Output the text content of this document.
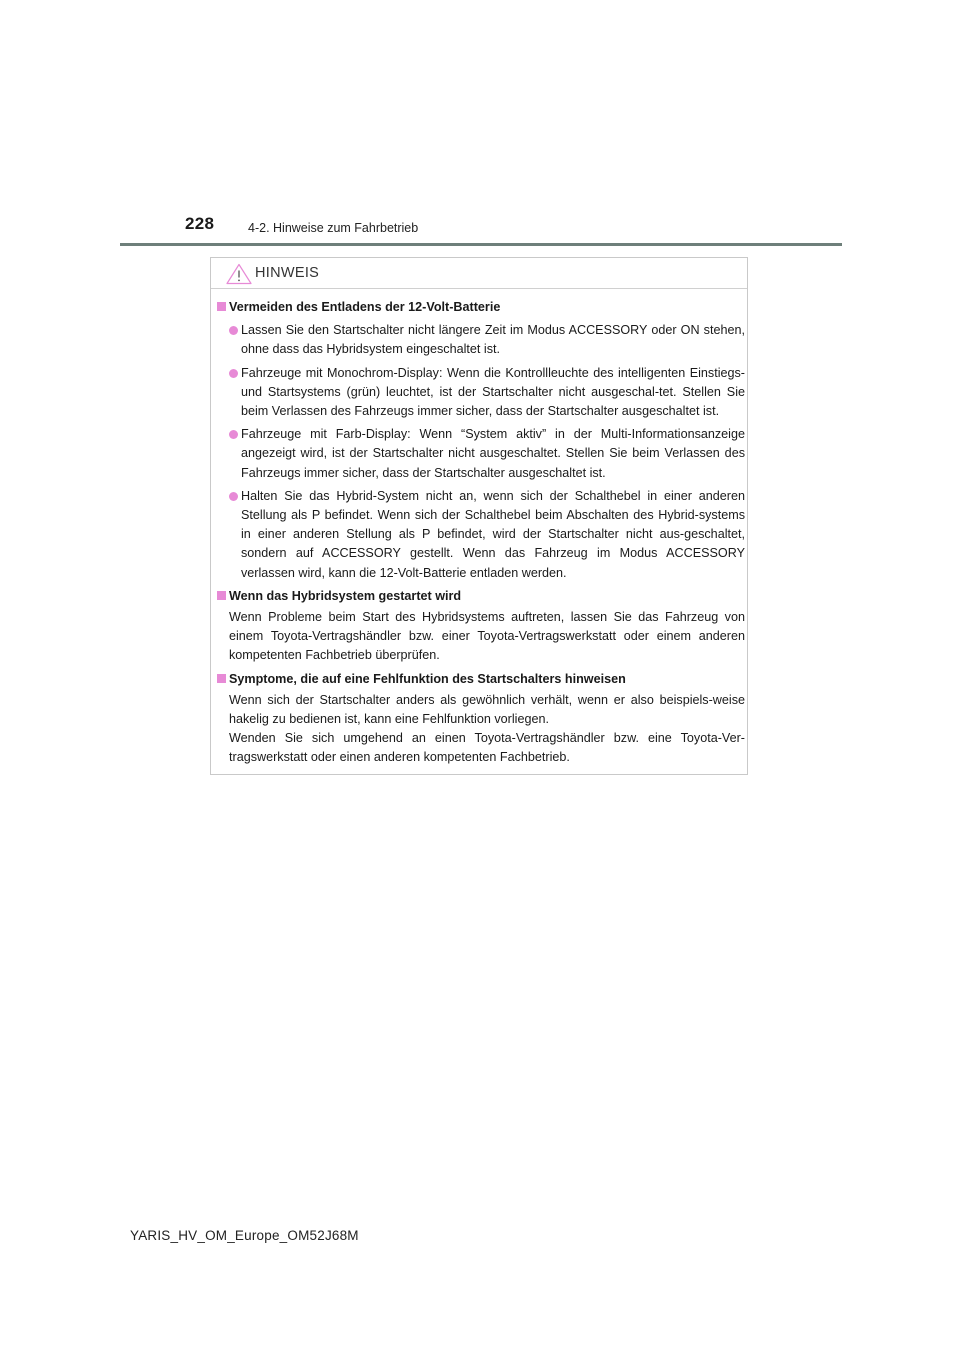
228	4-2. Hinweise zum Fahrbetrieb
HINWEIS
Vermeiden des Entladens der 12-Volt-Batterie
Lassen Sie den Startschalter nicht längere Zeit im Modus ACCESSORY oder ON stehen, ohne dass das Hybridsystem eingeschaltet ist.
Fahrzeuge mit Monochrom-Display: Wenn die Kontrollleuchte des intelligenten Einstiegs- und Startsystems (grün) leuchtet, ist der Startschalter nicht ausgeschal-tet. Stellen Sie beim Verlassen des Fahrzeugs immer sicher, dass der Startschalter ausgeschaltet ist.
Fahrzeuge mit Farb-Display: Wenn “System aktiv” in der Multi-Informationsanzeige angezeigt wird, ist der Startschalter nicht ausgeschaltet. Stellen Sie beim Verlassen des Fahrzeugs immer sicher, dass der Startschalter ausgeschaltet ist.
Halten Sie das Hybrid-System nicht an, wenn sich der Schalthebel in einer anderen Stellung als P befindet. Wenn sich der Schalthebel beim Abschalten des Hybrid-systems in einer anderen Stellung als P befindet, wird der Startschalter nicht aus-geschaltet, sondern auf ACCESSORY gestellt. Wenn das Fahrzeug im Modus ACCESSORY verlassen wird, kann die 12-Volt-Batterie entladen werden.
Wenn das Hybridsystem gestartet wird
Wenn Probleme beim Start des Hybridsystems auftreten, lassen Sie das Fahrzeug von einem Toyota-Vertragshändler bzw. einer Toyota-Vertragswerkstatt oder einem anderen kompetenten Fachbetrieb überprüfen.
Symptome, die auf eine Fehlfunktion des Startschalters hinweisen
Wenn sich der Startschalter anders als gewöhnlich verhält, wenn er also beispiels-weise hakelig zu bedienen ist, kann eine Fehlfunktion vorliegen.
Wenden Sie sich umgehend an einen Toyota-Vertragshändler bzw. eine Toyota-Ver-tragswerkstatt oder einen anderen kompetenten Fachbetrieb.
YARIS_HV_OM_Europe_OM52J68M
